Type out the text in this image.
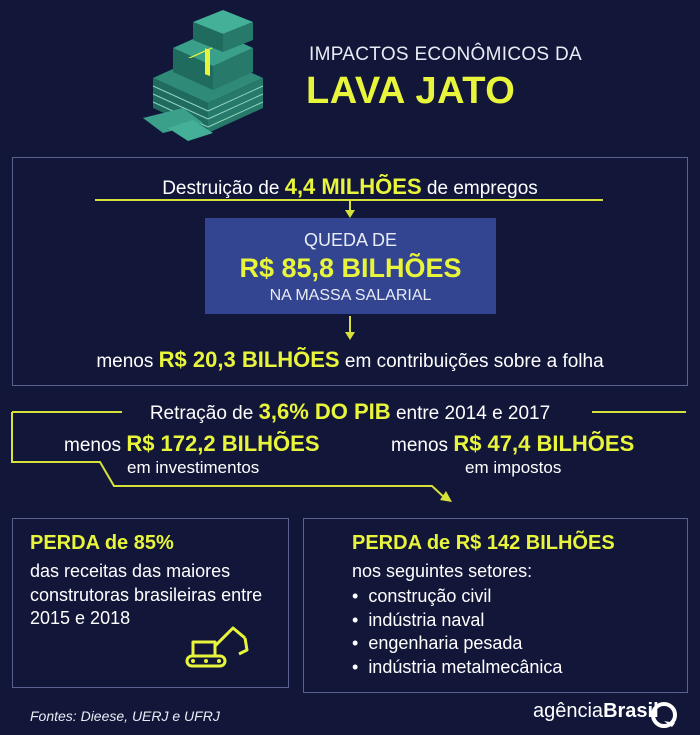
IMPACTOS ECONÔMICOS DA
LAVA JATO
Destruição de 4,4 MILHÕES de empregos
QUEDA DE
R$ 85,8 BILHÕES
NA MASSA SALARIAL
menos R$ 20,3 BILHÕES em contribuições sobre a folha
Retração de 3,6% DO PIB entre 2014 e 2017
menos R$ 172,2 BILHÕES
em investimentos
menos R$ 47,4 BILHÕES
em impostos
PERDA de 85%
das receitas das maiores construtoras brasileiras entre 2015 e 2018
PERDA de R$ 142 BILHÕES
nos seguintes setores:
• construção civil
• indústria naval
• engenharia pesada
• indústria metalmecânica
Fontes: Dieese, UERJ e UFRJ	agênciaBrasil
